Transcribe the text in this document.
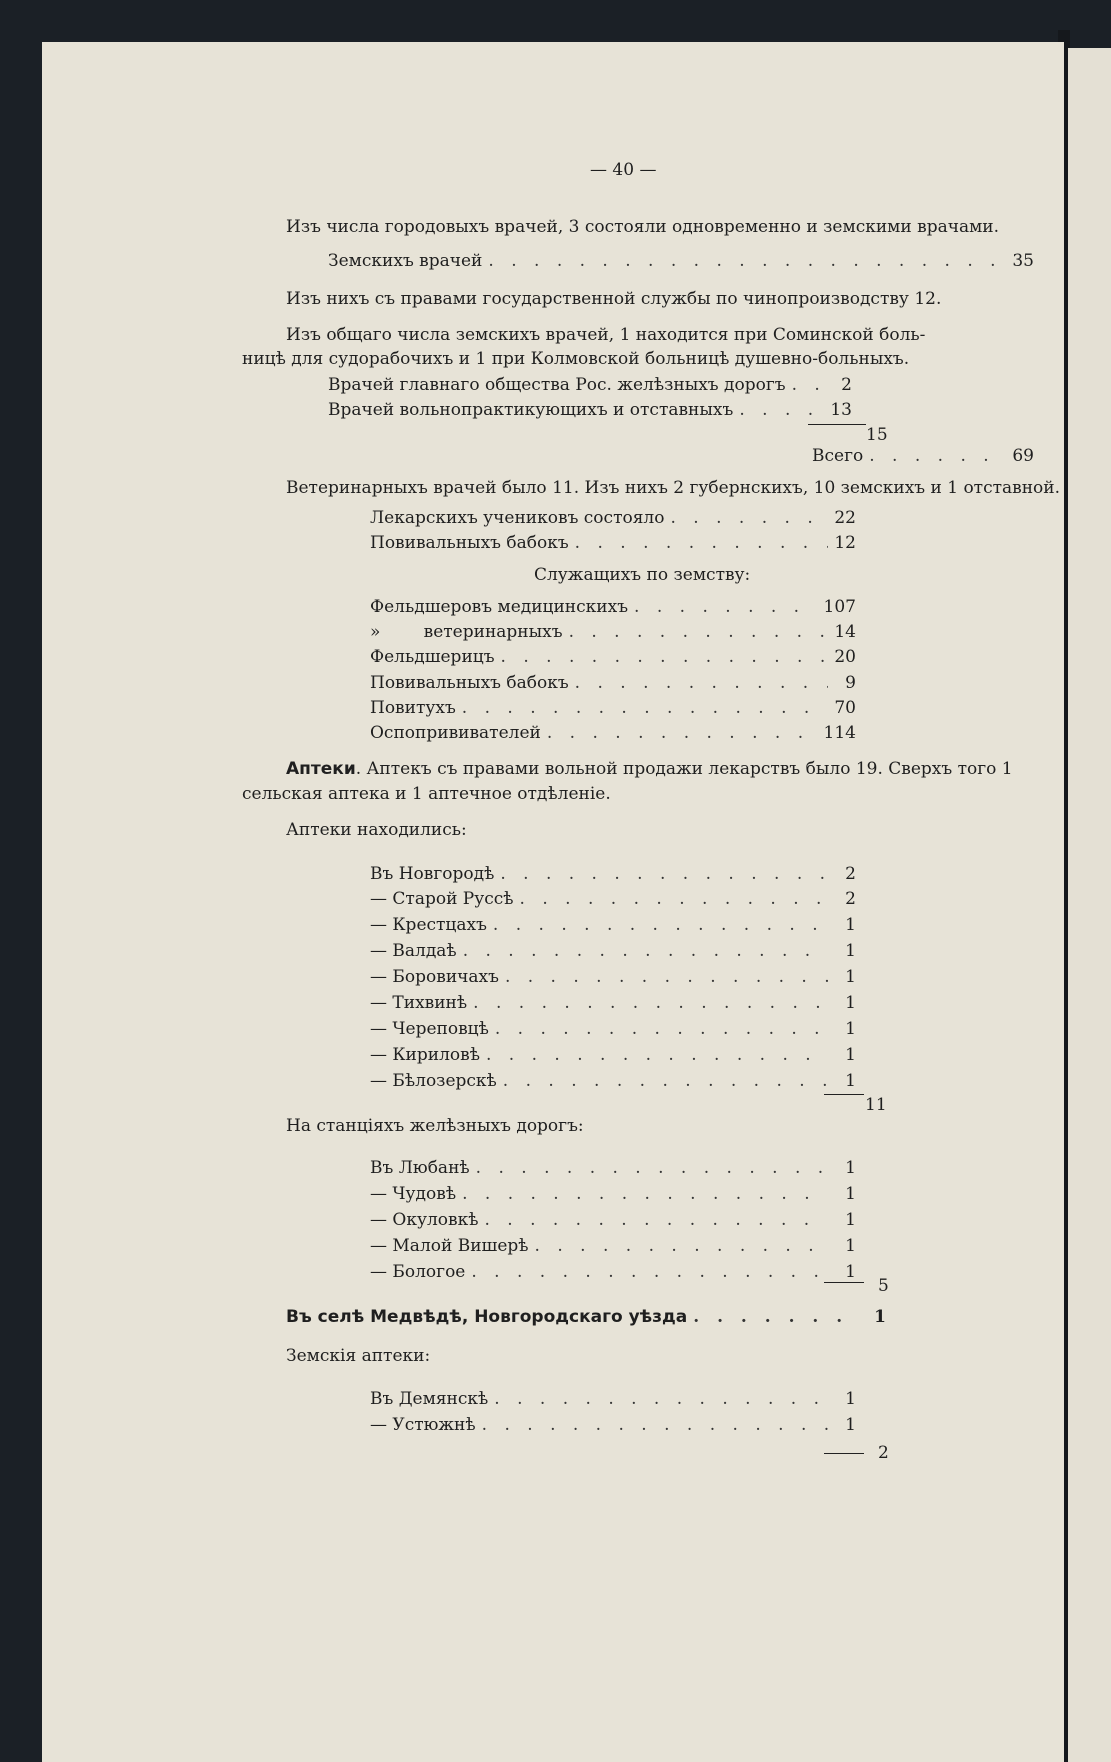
— 40 —
Изъ числа городовыхъ врачей, 3 состояли одновременно и земскими врачами.
Земскихъ врачей . . .	35
Изъ нихъ съ правами государственной службы по чинопроизводству 12.
Изъ общаго числа земскихъ врачей, 1 находится при Соминской боль-
ницѣ для судорабочихъ и 1 при Колмовской больницѣ душевно-больныхъ.
Врачей главнаго общества Рос. желѣзныхъ дорогъ . . .	2
Врачей вольнопрактикующихъ и отставныхъ . . .	13
15
Всего . . .	69
Ветеринарныхъ врачей было 11. Изъ нихъ 2 губернскихъ, 10 земскихъ и 1 отставной.
Лекарскихъ учениковъ состояло . . .	22
Повивальныхъ бабокъ . . .	12
Служащихъ по земству:
Фельдшеровъ медицинскихъ . . .	107
»        ветеринарныхъ . . .	14
Фельдшерицъ . . .	20
Повивальныхъ бабокъ . . .	9
Повитухъ . . .	70
Оспопрививателей . . .	114
Аптеки. Аптекъ съ правами вольной продажи лекарствъ было 19. Сверхъ того 1
сельская аптека и 1 аптечное отдѣленіе.
Аптеки находились:
Въ Новгородѣ . . .	2
— Старой Руссѣ . . .	2
— Крестцахъ . . .	1
— Валдаѣ . . .	1
— Боровичахъ . . .	1
— Тихвинѣ . . .	1
— Череповцѣ . . .	1
— Кириловѣ . . .	1
— Бѣлозерскѣ . . .	1
11
На станціяхъ желѣзныхъ дорогъ:
Въ Любанѣ . . .	1
— Чудовѣ . . .	1
— Окуловкѣ . . .	1
— Малой Вишерѣ . . .	1
— Бологое . . .	1
5
Въ селѣ Медвѣдѣ, Новгородскаго уѣзда . . .	1
Земскія аптеки:
Въ Демянскѣ . . .	1
— Устюжнѣ . . .	1
2
